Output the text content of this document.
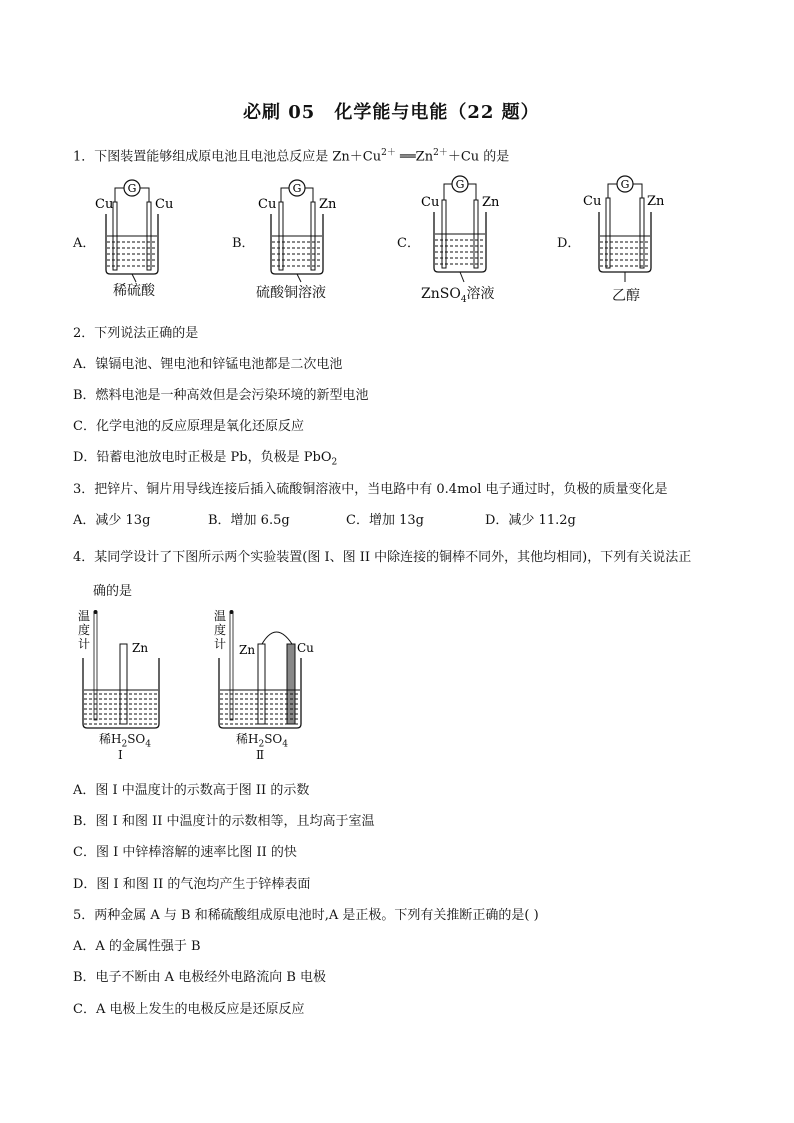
必刷 05　化学能与电能（22 题）
1．下图装置能够组成原电池且电池总反应是 $Zn+Cu^{2+}$ $══Zn^{2+}+Cu$ 的是
A．
G
Cu	Cu
稀硫酸
B．
G
Cu	Zn
硫酸铜溶液
C．
G
Cu	Zn
ZnSO$_4$溶液
D．
G
Cu	Zn
乙醇
2．下列说法正确的是
A．镍镉电池、锂电池和锌锰电池都是二次电池
B．燃料电池是一种高效但是会污染环境的新型电池
C．化学电池的反应原理是氧化还原反应
D．铅蓄电池放电时正极是 Pb，负极是 PbO$_2$
3．把锌片、铜片用导线连接后插入硫酸铜溶液中，当电路中有 0.4mol 电子通过时，负极的质量变化是
A．减少 13g	B．增加 6.5g	C．增加 13g	D．减少 11.2g
4．某同学设计了下图所示两个实验装置(图 I、图 II 中除连接的铜棒不同外，其他均相同)，下列有关说法正
确的是
温
度
计	Zn
稀$H_2SO_4$
Ⅰ
温
度
计 Zn	Cu
稀$H_2SO_4$
Ⅱ
A．图 I 中温度计的示数高于图 II 的示数
B．图 I 和图 II 中温度计的示数相等，且均高于室温
C．图 I 中锌棒溶解的速率比图 II 的快
D．图 I 和图 II 的气泡均产生于锌棒表面
5．两种金属 A 与 B 和稀硫酸组成原电池时,A 是正极。下列有关推断正确的是( )
A．A 的金属性强于 B
B．电子不断由 A 电极经外电路流向 B 电极
C．A 电极上发生的电极反应是还原反应
